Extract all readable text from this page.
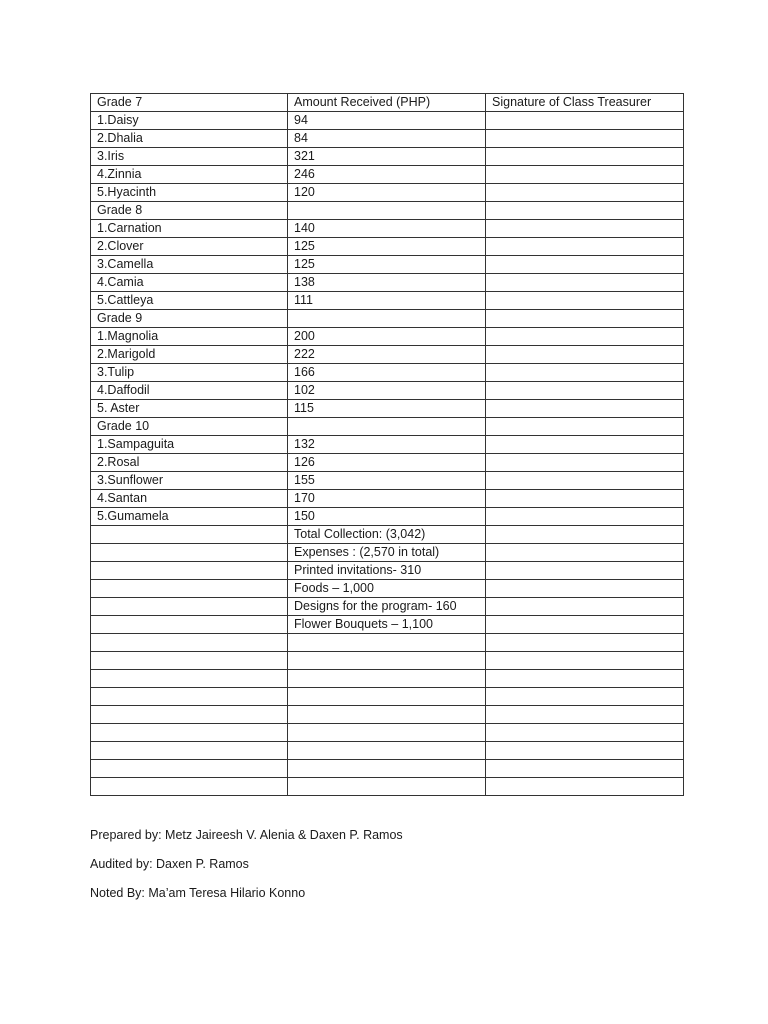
Grade 7	Amount Received (PHP)	Signature of Class Treasurer
1.Daisy	94	
2.Dhalia	84	
3.Iris	321	
4.Zinnia	246	
5.Hyacinth	120	
Grade 8		
1.Carnation	140	
2.Clover	125	
3.Camella	125	
4.Camia	138	
5.Cattleya	111	
Grade 9		
1.Magnolia	200	
2.Marigold	222	
3.Tulip	166	
4.Daffodil	102	
5. Aster	115	
Grade 10		
1.Sampaguita	132	
2.Rosal	126	
3.Sunflower	155	
4.Santan	170	
5.Gumamela	150	
	Total Collection: (3,042)	
	Expenses : (2,570 in total)	
	Printed invitations- 310	
	Foods – 1,000	
	Designs for the program- 160	
	Flower Bouquets – 1,100	

Prepared by: Metz Jaireesh V. Alenia & Daxen P. Ramos
Audited by: Daxen P. Ramos
Noted By: Ma’am Teresa Hilario Konno
